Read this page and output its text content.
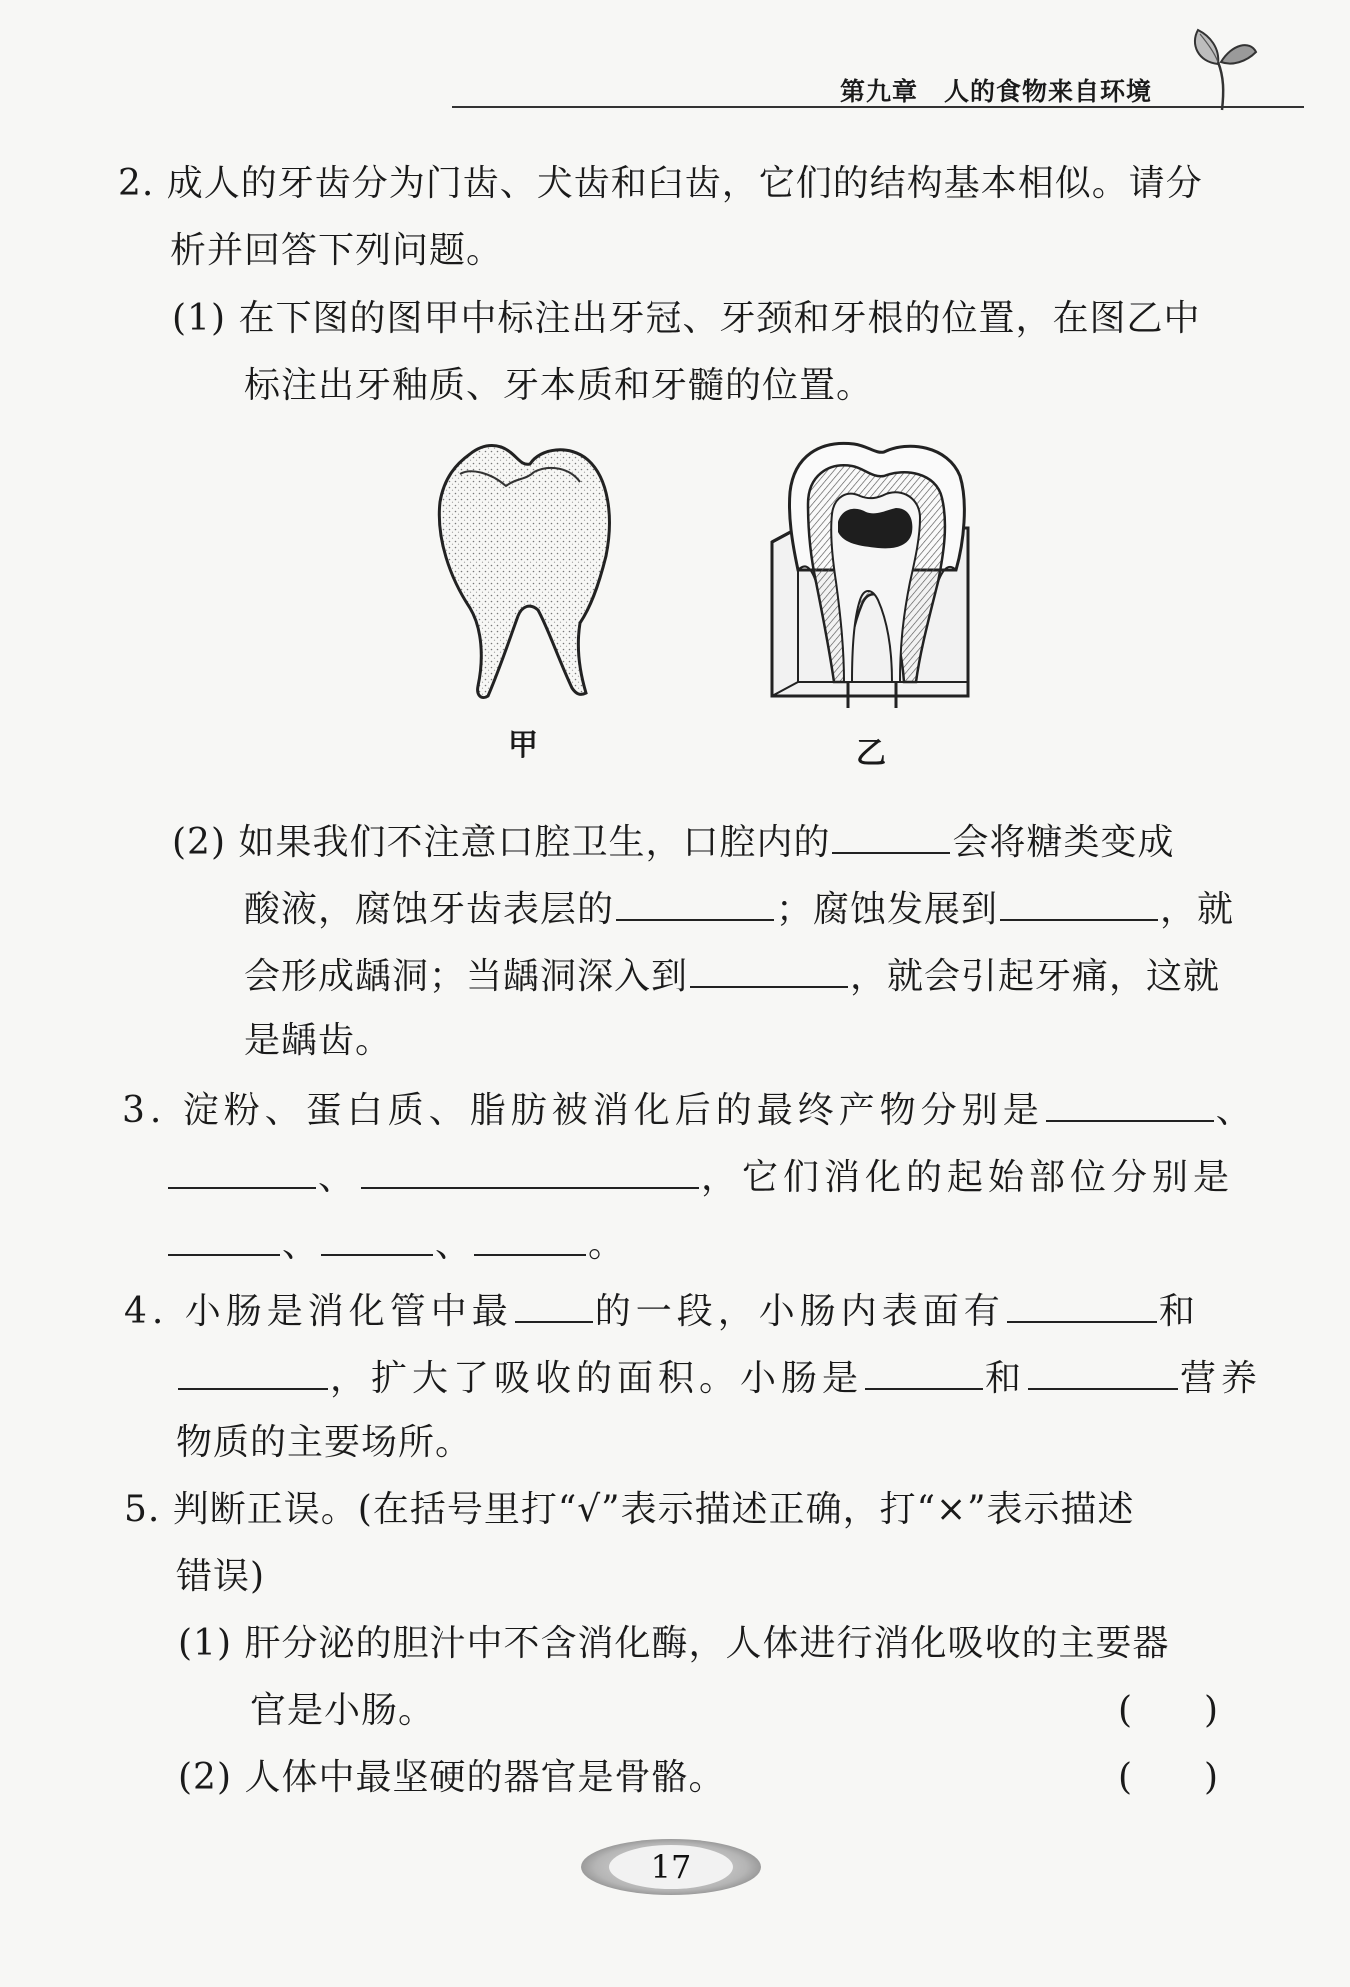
第九章 人的食物来自环境
2. 成人的牙齿分为门齿、犬齿和臼齿，它们的结构基本相似。请分
析并回答下列问题。
(1) 在下图的图甲中标注出牙冠、牙颈和牙根的位置，在图乙中
标注出牙釉质、牙本质和牙髓的位置。
甲	乙
(2) 如果我们不注意口腔卫生，口腔内的	会将糖类变成
酸液，腐蚀牙齿表层的	；腐蚀发展到	，就
会形成龋洞；当龋洞深入到	，就会引起牙痛，这就
是龋齿。
3. 淀粉、蛋白质、脂肪被消化后的最终产物分别是	、
、	，它们消化的起始部位分别是
、	、	。
4. 小肠是消化管中最 的一段，小肠内表面有	和
，扩大了吸收的面积。小肠是	和	营养
物质的主要场所。
5. 判断正误。(在括号里打“√”表示描述正确，打“×”表示描述
错误)
(1) 肝分泌的胆汁中不含消化酶，人体进行消化吸收的主要器
官是小肠。	(　　)
(2) 人体中最坚硬的器官是骨骼。	(　　)
17
